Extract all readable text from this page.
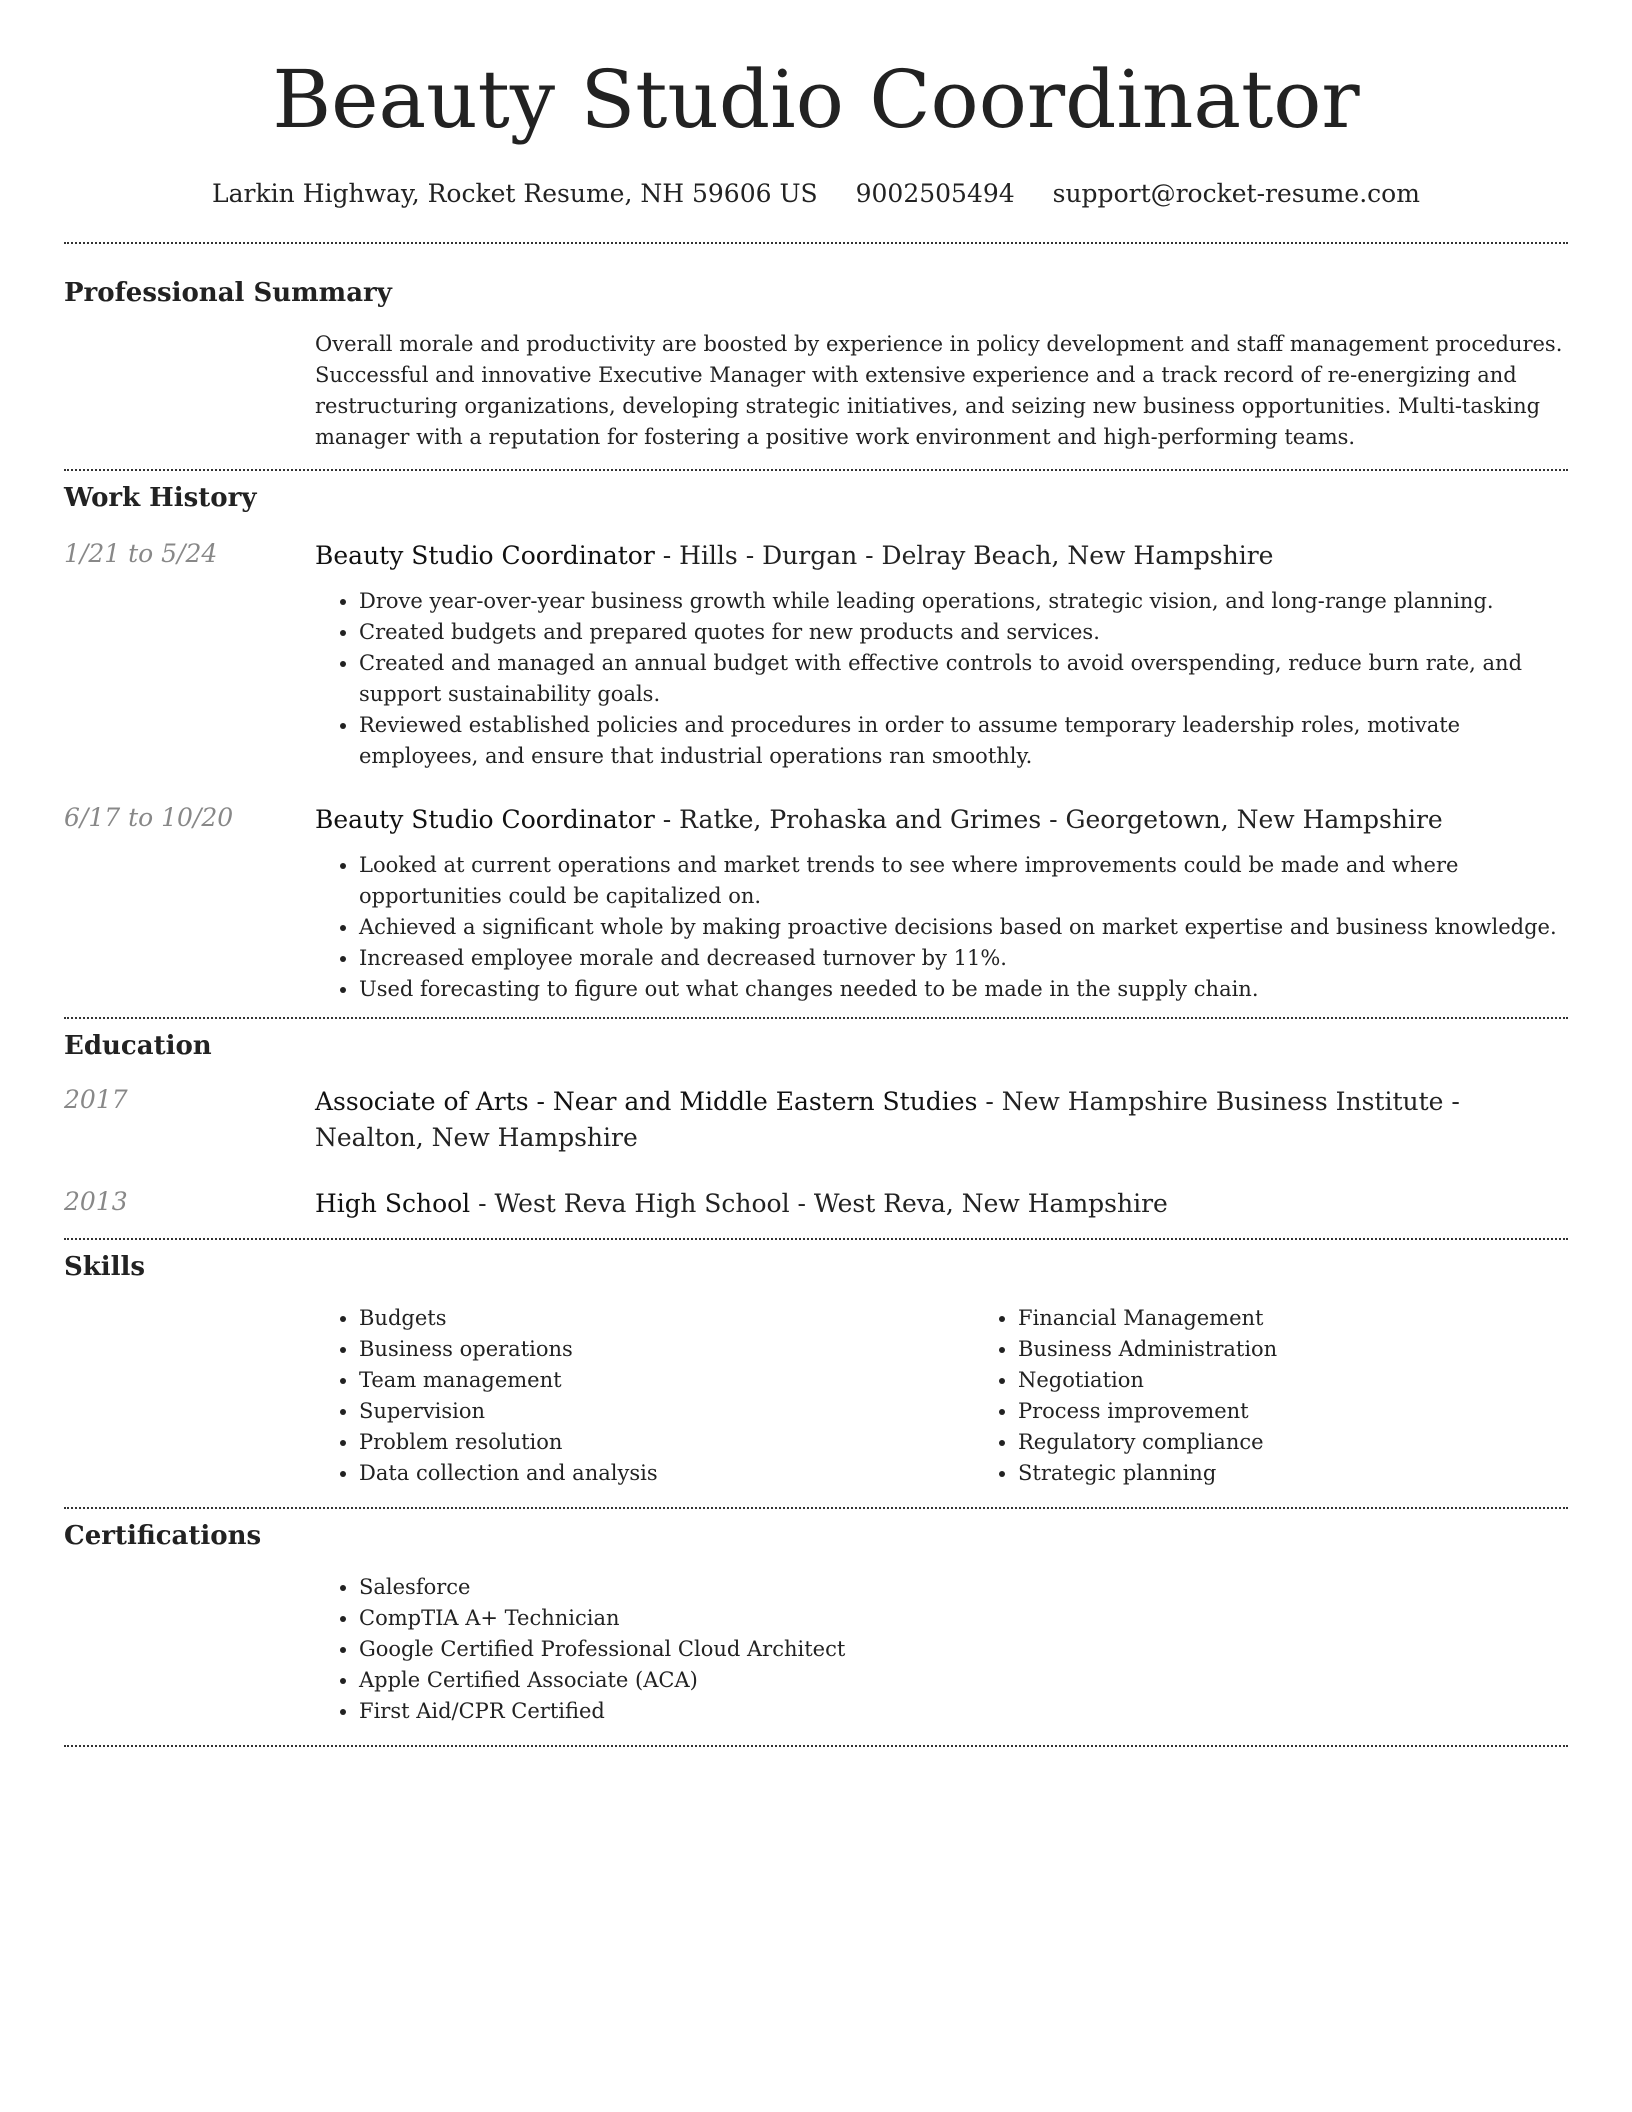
Beauty Studio Coordinator
Larkin Highway, Rocket Resume, NH 59606 US 9002505494 support@rocket-resume.com
Professional Summary

Overall morale and productivity are boosted by experience in policy development and staff management procedures. Successful and innovative Executive Manager with extensive experience and a track record of re-energizing and restructuring organizations, developing strategic initiatives, and seizing new business opportunities. Multi-tasking manager with a reputation for fostering a positive work environment and high-performing teams.

Work History
1/21 to 5/24	Beauty Studio Coordinator - Hills - Durgan - Delray Beach, New Hampshire
• Drove year-over-year business growth while leading operations, strategic vision, and long-range planning.
• Created budgets and prepared quotes for new products and services.
• Created and managed an annual budget with effective controls to avoid overspending, reduce burn rate, and support sustainability goals.
• Reviewed established policies and procedures in order to assume temporary leadership roles, motivate employees, and ensure that industrial operations ran smoothly.
6/17 to 10/20	Beauty Studio Coordinator - Ratke, Prohaska and Grimes - Georgetown, New Hampshire
• Looked at current operations and market trends to see where improvements could be made and where opportunities could be capitalized on.
• Achieved a significant whole by making proactive decisions based on market expertise and business knowledge.
• Increased employee morale and decreased turnover by 11%.
• Used forecasting to figure out what changes needed to be made in the supply chain.
Education
2017	Associate of Arts - Near and Middle Eastern Studies - New Hampshire Business Institute - Nealton, New Hampshire
2013	High School - West Reva High School - West Reva, New Hampshire
Skills
• Budgets
• Business operations
• Team management
• Supervision
• Problem resolution
• Data collection and analysis
• Financial Management
• Business Administration
• Negotiation
• Process improvement
• Regulatory compliance
• Strategic planning
Certifications
• Salesforce
• CompTIA A+ Technician
• Google Certified Professional Cloud Architect
• Apple Certified Associate (ACA)
• First Aid/CPR Certified
